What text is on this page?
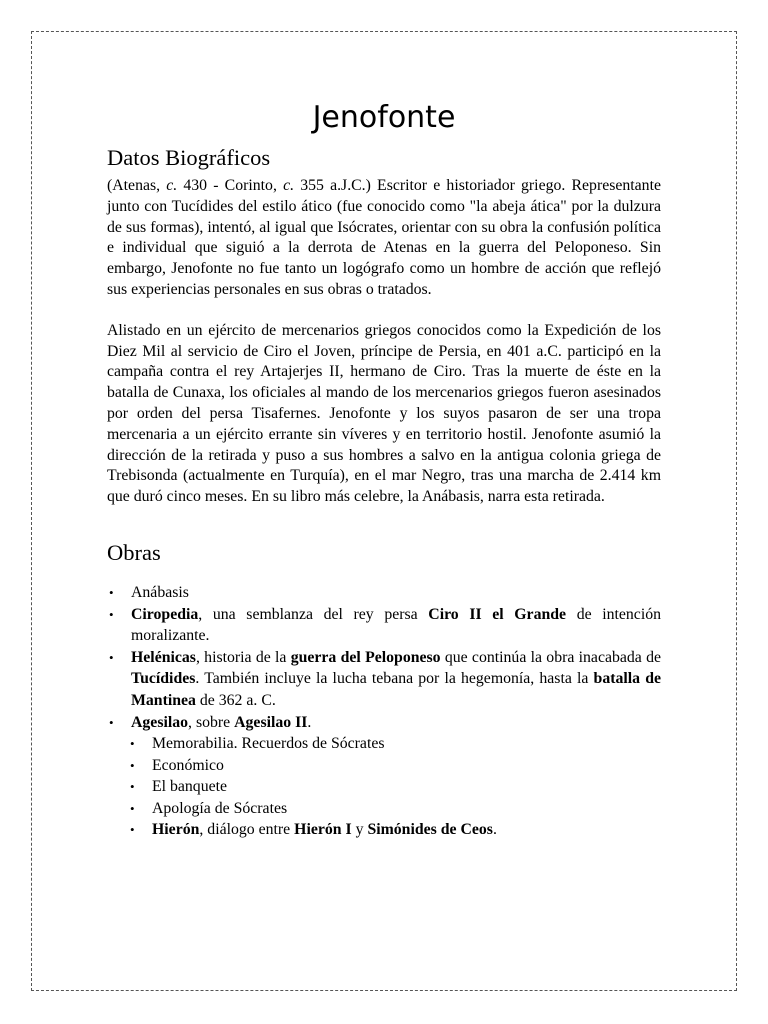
Jenofonte
Datos Biográficos

(Atenas, c. 430 - Corinto, c. 355 a.J.C.) Escritor e historiador griego. Representante junto con Tucídides del estilo ático (fue conocido como "la abeja ática" por la dulzura de sus formas), intentó, al igual que Isócrates, orientar con su obra la confusión política e individual que siguió a la derrota de Atenas en la guerra del Peloponeso. Sin embargo, Jenofonte no fue tanto un logógrafo como un hombre de acción que reflejó sus experiencias personales en sus obras o tratados.

Alistado en un ejército de mercenarios griegos conocidos como la Expedición de los Diez Mil al servicio de Ciro el Joven, príncipe de Persia, en 401 a.C. participó en la campaña contra el rey Artajerjes II, hermano de Ciro. Tras la muerte de éste en la batalla de Cunaxa, los oficiales al mando de los mercenarios griegos fueron asesinados por orden del persa Tisafernes. Jenofonte y los suyos pasaron de ser una tropa mercenaria a un ejército errante sin víveres y en territorio hostil. Jenofonte asumió la dirección de la retirada y puso a sus hombres a salvo en la antigua colonia griega de Trebisonda (actualmente en Turquía), en el mar Negro, tras una marcha de 2.414 km que duró cinco meses. En su libro más celebre, la Anábasis, narra esta retirada.

Obras
• Anábasis
• Ciropedia, una semblanza del rey persa Ciro II el Grande de intención moralizante.
• Helénicas, historia de la guerra del Peloponeso que continúa la obra inacabada de Tucídides. También incluye la lucha tebana por la hegemonía, hasta la batalla de Mantinea de 362 a. C.
• Agesilao, sobre Agesilao II.
• Memorabilia. Recuerdos de Sócrates
• Económico
• El banquete
• Apología de Sócrates
• Hierón, diálogo entre Hierón I y Simónides de Ceos.
